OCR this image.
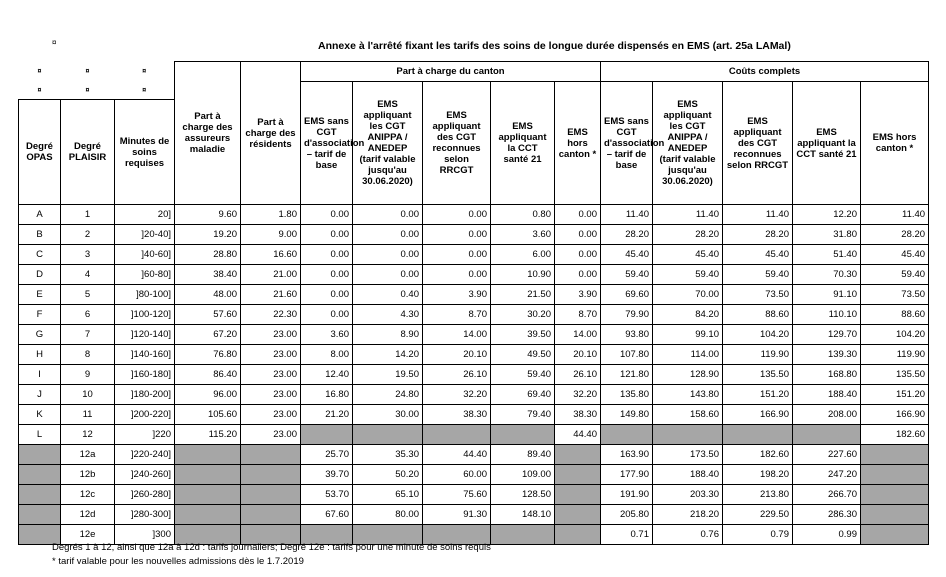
¤	Annexe à l'arrêté fixant les tarifs des soins de longue durée dispensés en EMS (art. 25a LAMal)
¤	¤	¤	Part à charge des assureurs maladie	Part à charge des résidents	Part à charge du canton					Coûts complets				
¤	¤	¤			EMS sans CGT d'association – tarif de base	EMS appliquant les CGT ANIPPA / ANEDEP (tarif valable jusqu'au 30.06.2020)	EMS appliquant des CGT reconnues selon RRCGT	EMS appliquant la CCT santé 21	EMS hors canton *	EMS sans CGT d'association – tarif de base	EMS appliquant les CGT ANIPPA / ANEDEP (tarif valable jusqu'au 30.06.2020)	EMS appliquant des CGT reconnues selon RRCGT	EMS appliquant la CCT santé 21	EMS hors canton *
Degré OPAS	Degré PLAISIR	Minutes de soins requises												
A	1	20]	9.60	1.80	0.00	0.00	0.00	0.80	0.00	11.40	11.40	11.40	12.20	11.40
B	2	]20-40]	19.20	9.00	0.00	0.00	0.00	3.60	0.00	28.20	28.20	28.20	31.80	28.20
C	3	]40-60]	28.80	16.60	0.00	0.00	0.00	6.00	0.00	45.40	45.40	45.40	51.40	45.40
D	4	]60-80]	38.40	21.00	0.00	0.00	0.00	10.90	0.00	59.40	59.40	59.40	70.30	59.40
E	5	]80-100]	48.00	21.60	0.00	0.40	3.90	21.50	3.90	69.60	70.00	73.50	91.10	73.50
F	6	]100-120]	57.60	22.30	0.00	4.30	8.70	30.20	8.70	79.90	84.20	88.60	110.10	88.60
G	7	]120-140]	67.20	23.00	3.60	8.90	14.00	39.50	14.00	93.80	99.10	104.20	129.70	104.20
H	8	]140-160]	76.80	23.00	8.00	14.20	20.10	49.50	20.10	107.80	114.00	119.90	139.30	119.90
I	9	]160-180]	86.40	23.00	12.40	19.50	26.10	59.40	26.10	121.80	128.90	135.50	168.80	135.50
J	10	]180-200]	96.00	23.00	16.80	24.80	32.20	69.40	32.20	135.80	143.80	151.20	188.40	151.20
K	11	]200-220]	105.60	23.00	21.20	30.00	38.30	79.40	38.30	149.80	158.60	166.90	208.00	166.90
L	12	]220	115.20	23.00					44.40					182.60
	12a	]220-240]			25.70	35.30	44.40	89.40		163.90	173.50	182.60	227.60	
	12b	]240-260]			39.70	50.20	60.00	109.00		177.90	188.40	198.20	247.20	
	12c	]260-280]			53.70	65.10	75.60	128.50		191.90	203.30	213.80	266.70	
	12d	]280-300]			67.60	80.00	91.30	148.10		205.80	218.20	229.50	286.30	
	12e	]300								0.71	0.76	0.79	0.99	
Degrés 1 à 12, ainsi que 12a à 12d : tarifs journaliers; Degré 12e : tarifs pour une minute de soins requis
* tarif valable pour les nouvelles admissions dès le 1.7.2019
